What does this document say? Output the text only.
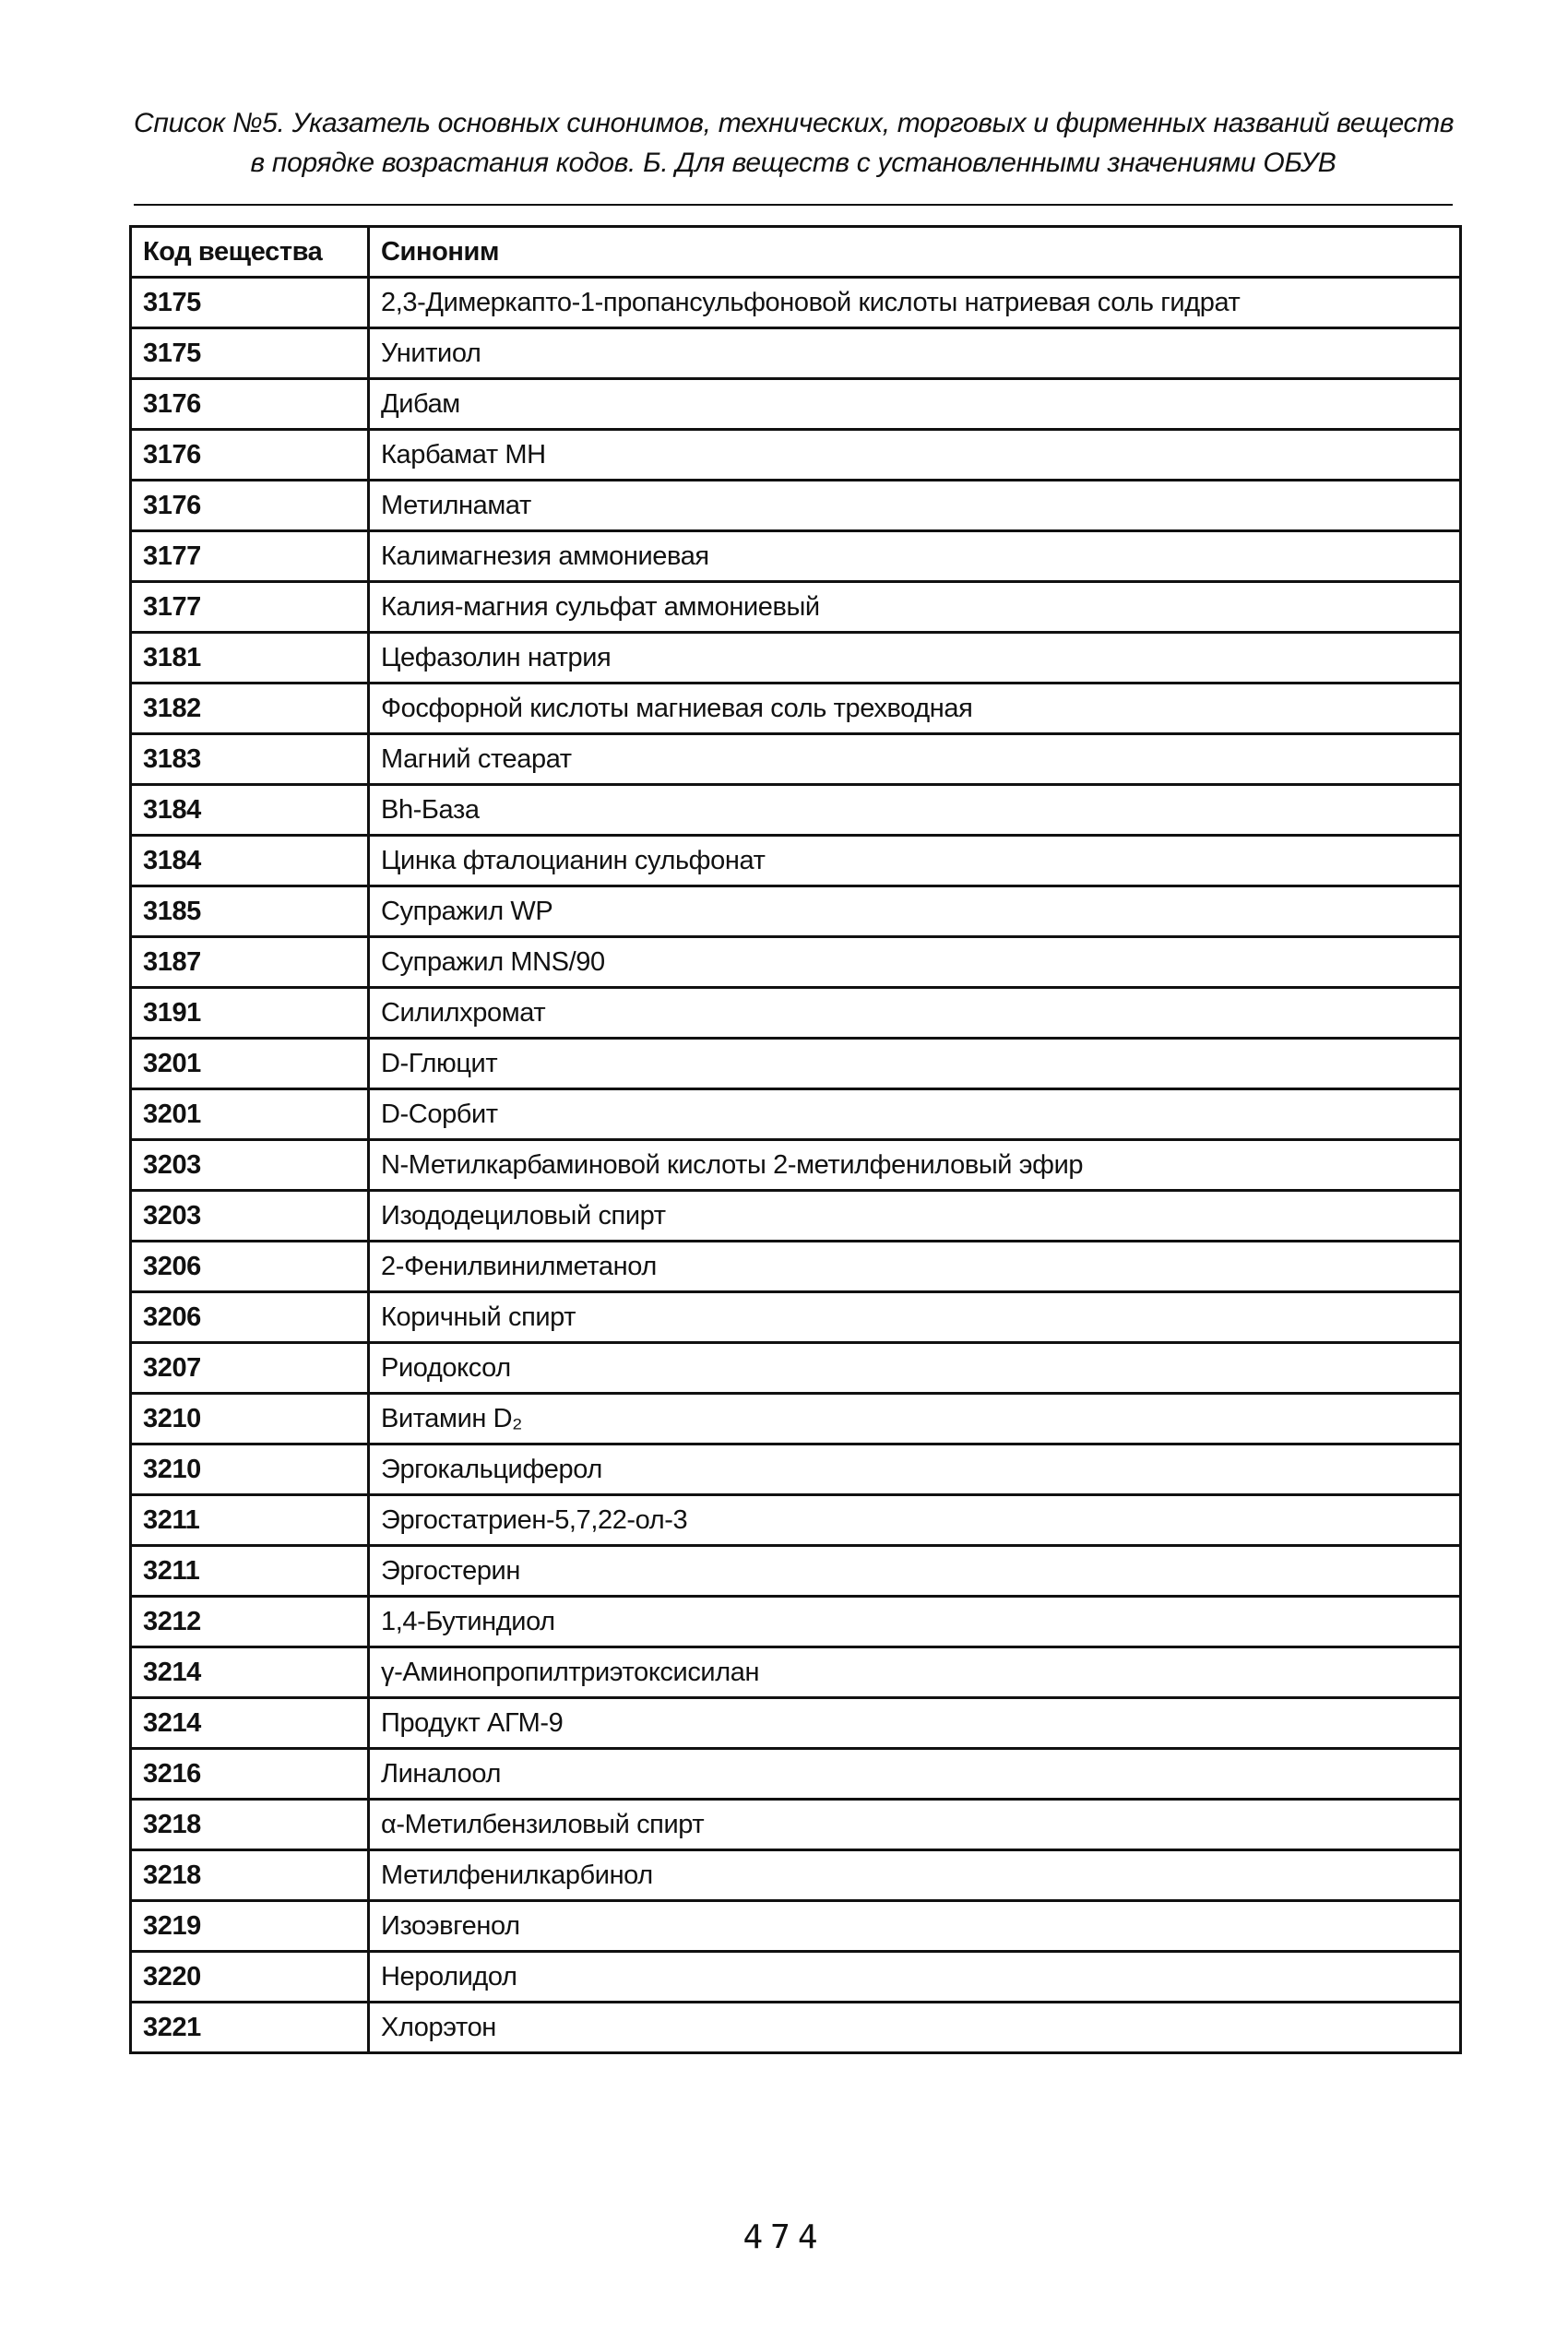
Список №5. Указатель основных синонимов, технических, торговых и фирменных названий веществ
в порядке возрастания кодов. Б. Для веществ с установленными значениями ОБУВ
Код вещества	Синоним
3175	2,3-Димеркапто-1-пропансульфоновой кислоты натриевая соль гидрат
3175	Унитиол
3176	Дибам
3176	Карбамат МН
3176	Метилнамат
3177	Калимагнезия аммониевая
3177	Калия-магния сульфат аммониевый
3181	Цефазолин натрия
3182	Фосфорной кислоты магниевая соль трехводная
3183	Магний стеарат
3184	Bh-База
3184	Цинка фталоцианин сульфонат
3185	Супражил WP
3187	Супражил MNS/90
3191	Силилхромат
3201	D-Глюцит
3201	D-Сорбит
3203	N-Метилкарбаминовой кислоты 2-метилфениловый эфир
3203	Изододециловый спирт
3206	2-Фенилвинилметанол
3206	Коричный спирт
3207	Риодоксол
3210	Витамин D₂
3210	Эргокальциферол
3211	Эргостатриен-5,7,22-ол-3
3211	Эргостерин
3212	1,4-Бутиндиол
3214	γ-Аминопропилтриэтоксисилан
3214	Продукт АГМ-9
3216	Линалоол
3218	α-Метилбензиловый спирт
3218	Метилфенилкарбинол
3219	Изоэвгенол
3220	Неролидол
3221	Хлорэтон
474
